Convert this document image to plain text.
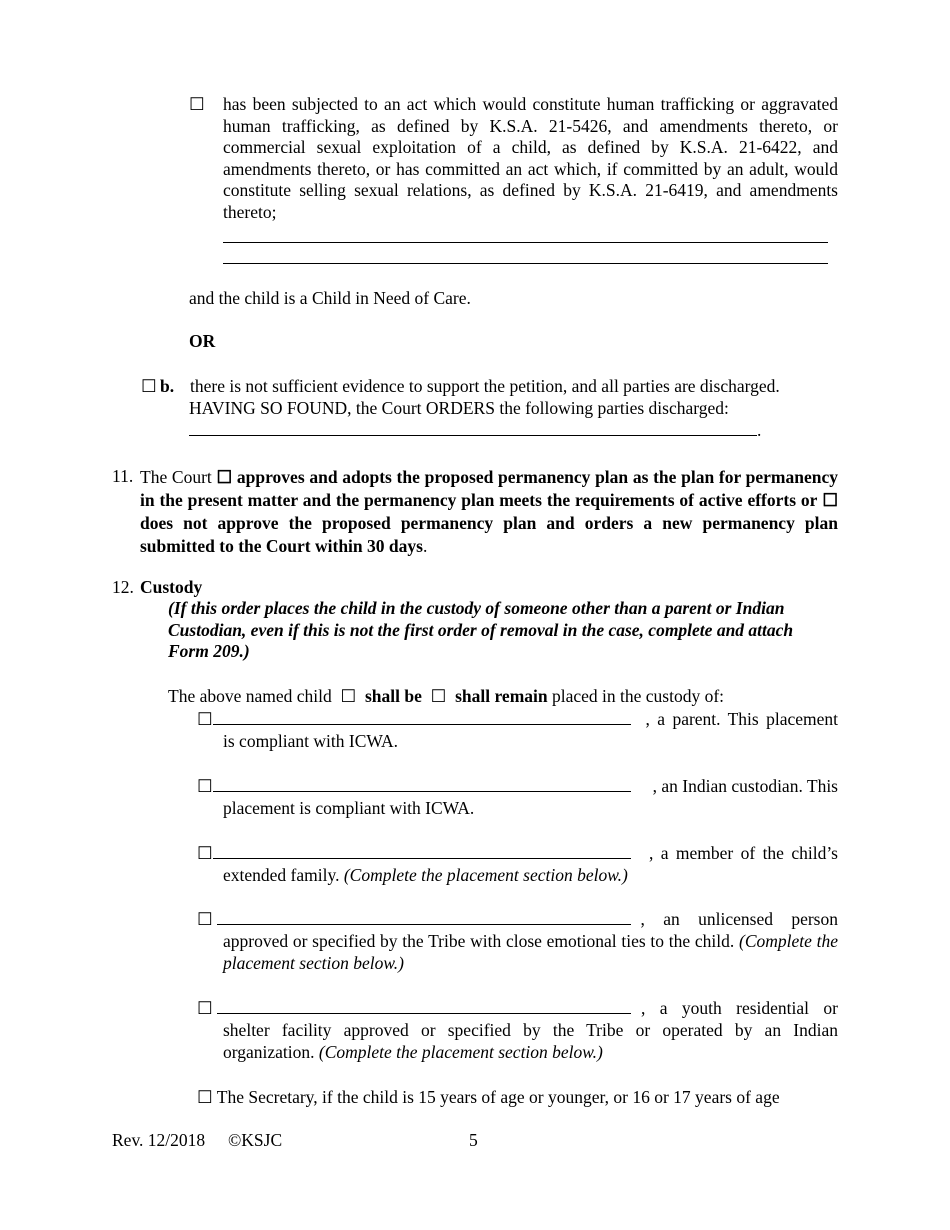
☐ has been subjected to an act which would constitute human trafficking or aggravated human trafficking, as defined by K.S.A. 21-5426, and amendments thereto, or commercial sexual exploitation of a child, as defined by K.S.A. 21-6422, and amendments thereto, or has committed an act which, if committed by an adult, would constitute selling sexual relations, as defined by K.S.A. 21-6419, and amendments thereto;
and the child is a Child in Need of Care.
OR
☐ b. there is not sufficient evidence to support the petition, and all parties are discharged.
HAVING SO FOUND, the Court ORDERS the following parties discharged:
.
11. The Court ☐ approves and adopts the proposed permanency plan as the plan for permanency in the present matter and the permanency plan meets the requirements of active efforts or ☐ does not approve the proposed permanency plan and orders a new permanency plan submitted to the Court within 30 days.
12. Custody
(If this order places the child in the custody of someone other than a parent or Indian Custodian, even if this is not the first order of removal in the case, complete and attach Form 209.)
The above named child ☐ shall be ☐ shall remain placed in the custody of:
☐	, a parent. This placement
is compliant with ICWA.
☐	, an Indian custodian. This
placement is compliant with ICWA.
☐	, a member of the child’s
extended family. (Complete the placement section below.)
☐	, an unlicensed person
approved or specified by the Tribe with close emotional ties to the child. (Complete the placement section below.)
☐	, a youth residential or
shelter facility approved or specified by the Tribe or operated by an Indian organization. (Complete the placement section below.)
☐ The Secretary, if the child is 15 years of age or younger, or 16 or 17 years of age
Rev. 12/2018 ©KSJC	5
